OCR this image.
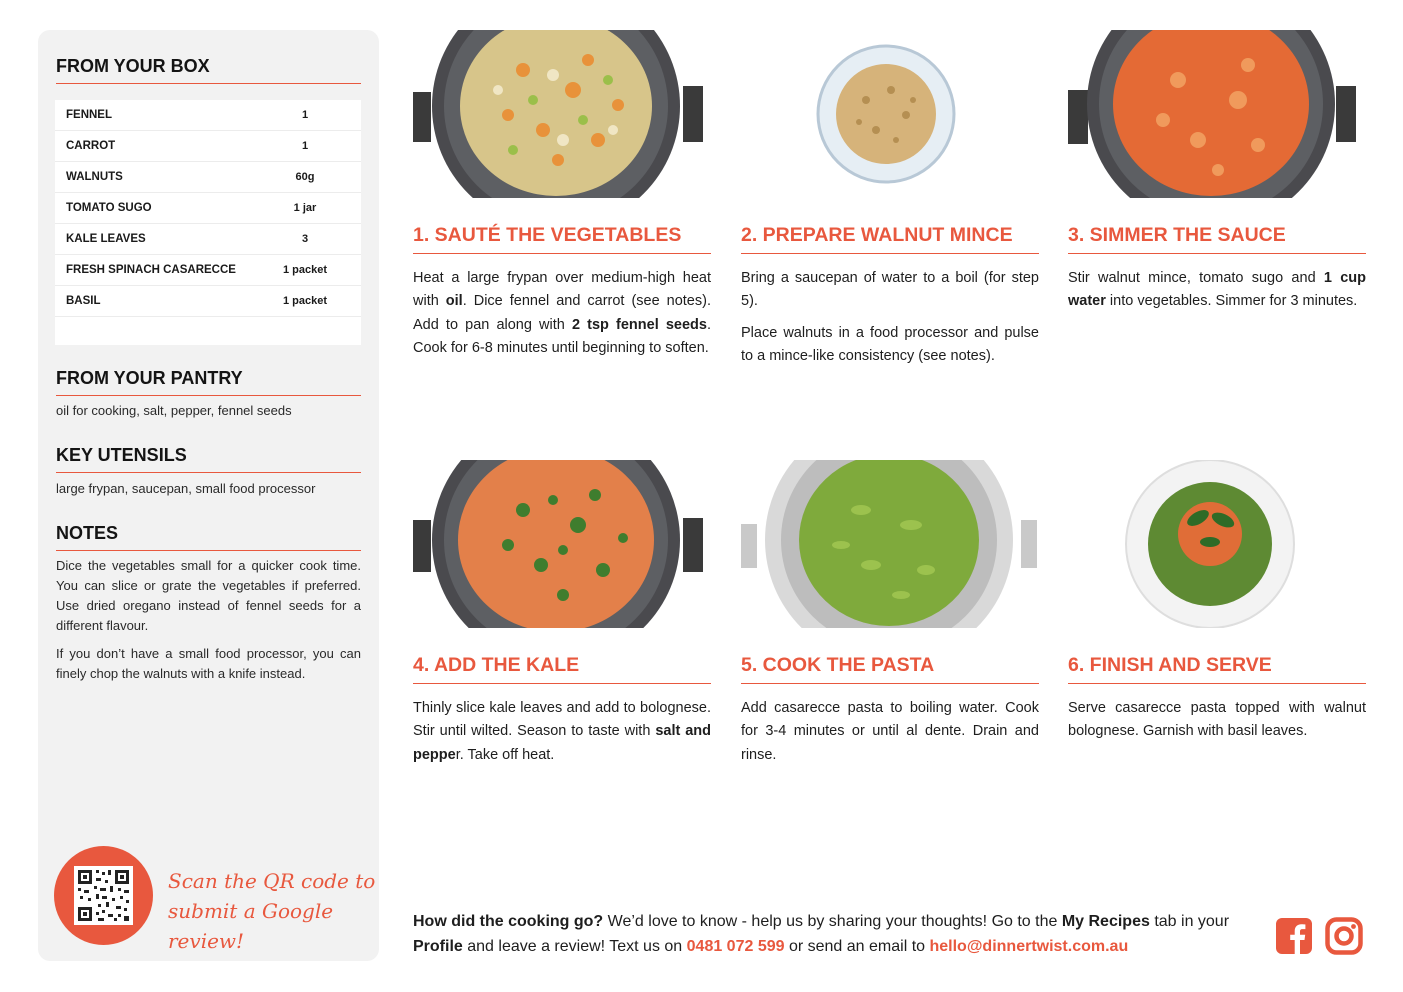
FROM YOUR BOX
FENNEL	1
CARROT	1
WALNUTS	60g
TOMATO SUGO	1 jar
KALE LEAVES	3
FRESH SPINACH CASARECCE	1 packet
BASIL	1 packet
FROM YOUR PANTRY
oil for cooking, salt, pepper, fennel seeds
KEY UTENSILS
large frypan, saucepan, small food processor
NOTES

Dice the vegetables small for a quicker cook time. You can slice or grate the vegetables if preferred. Use dried oregano instead of fennel seeds for a different flavour.

If you don’t have a small food processor, you can finely chop the walnuts with a knife instead.

Scan the QR code to
submit a Google review!
1. SAUTÉ THE VEGETABLES

Heat a large frypan over medium-high heat with oil. Dice fennel and carrot (see notes). Add to pan along with 2 tsp fennel seeds. Cook for 6-8 minutes until beginning to soften.

2. PREPARE WALNUT MINCE

Bring a saucepan of water to a boil (for step 5).

Place walnuts in a food processor and pulse to a mince-like consistency (see notes).

3. SIMMER THE SAUCE

Stir walnut mince, tomato sugo and 1 cup water into vegetables. Simmer for 3 minutes.

4. ADD THE KALE

Thinly slice kale leaves and add to bolognese. Stir until wilted. Season to taste with salt and pepper. Take off heat.

5. COOK THE PASTA

Add casarecce pasta to boiling water. Cook for 3-4 minutes or until al dente. Drain and rinse.

6. FINISH AND SERVE

Serve casarecce pasta topped with walnut bolognese. Garnish with basil leaves.

How did the cooking go? We’d love to know - help us by sharing your thoughts! Go to the My Recipes tab in your Profile and leave a review! Text us on 0481 072 599 or send an email to hello@dinnertwist.com.au
